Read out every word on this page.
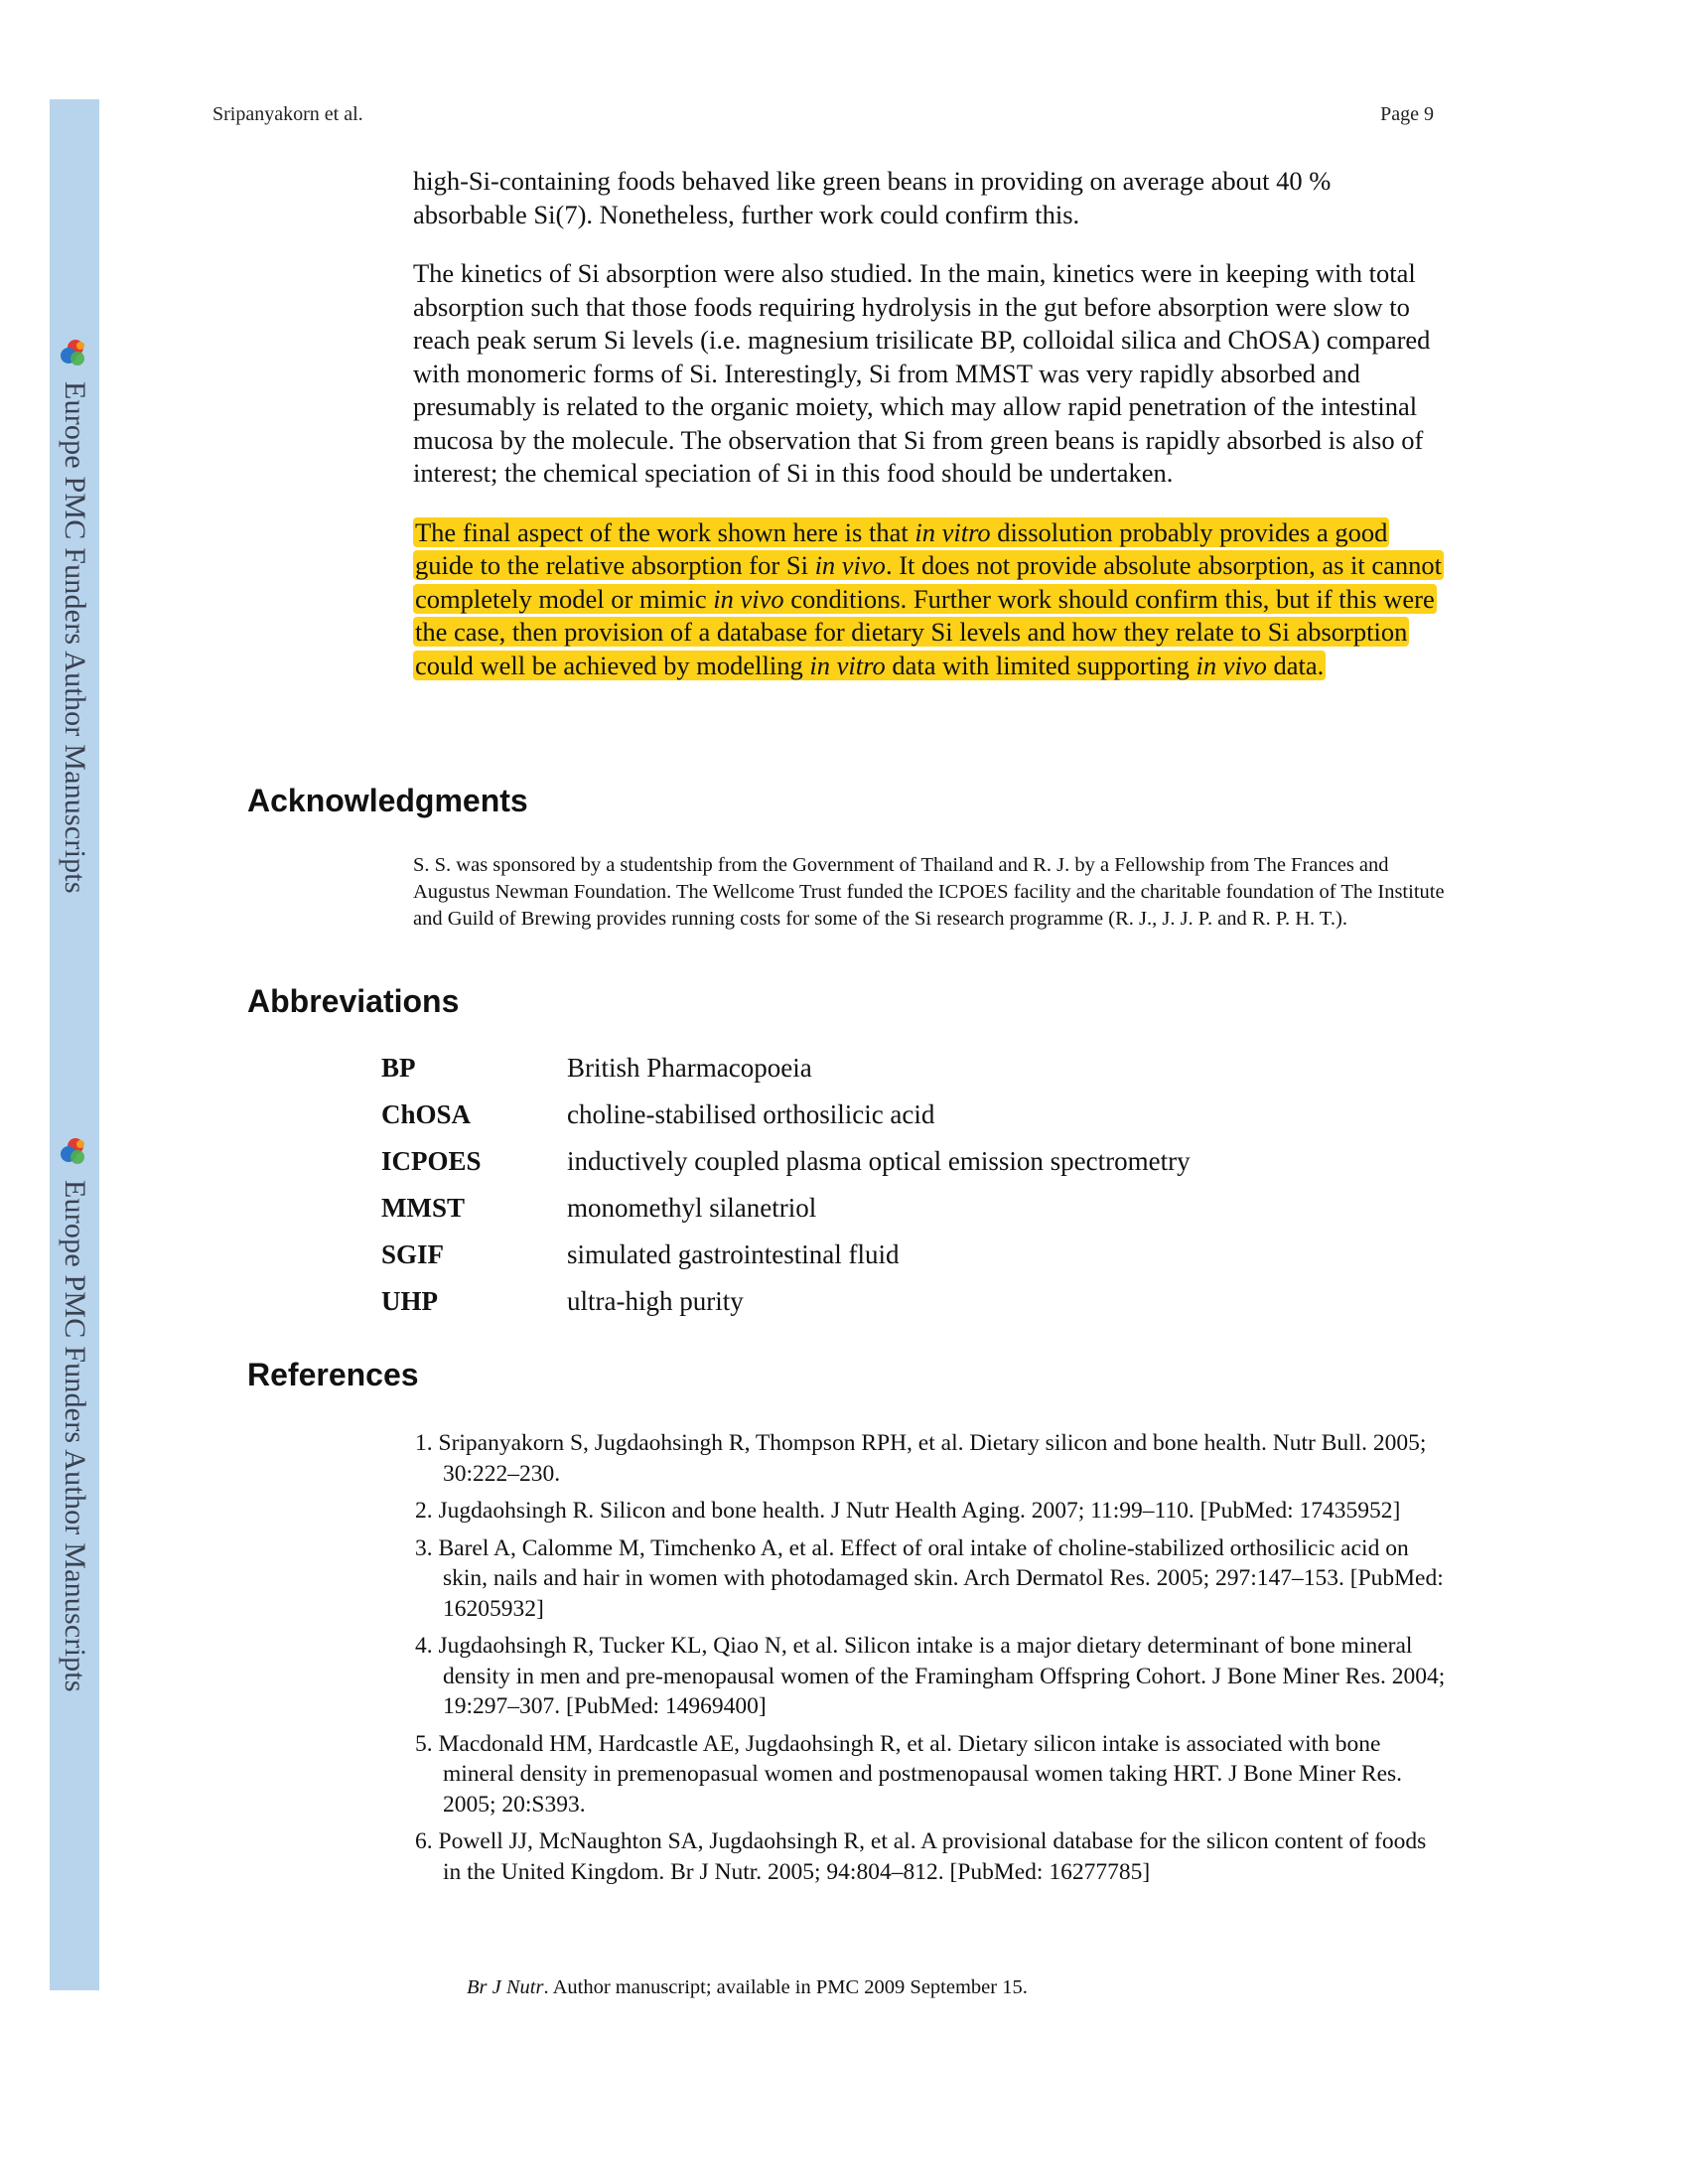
Europe PMC Funders Author Manuscripts
Europe PMC Funders Author Manuscripts
Sripanyakorn et al.	Page 9

high-Si-containing foods behaved like green beans in providing on average about 40 % absorbable Si(7). Nonetheless, further work could confirm this.

The kinetics of Si absorption were also studied. In the main, kinetics were in keeping with total absorption such that those foods requiring hydrolysis in the gut before absorption were slow to reach peak serum Si levels (i.e. magnesium trisilicate BP, colloidal silica and ChOSA) compared with monomeric forms of Si. Interestingly, Si from MMST was very rapidly absorbed and presumably is related to the organic moiety, which may allow rapid penetration of the intestinal mucosa by the molecule. The observation that Si from green beans is rapidly absorbed is also of interest; the chemical speciation of Si in this food should be undertaken.

The final aspect of the work shown here is that in vitro dissolution probably provides a good guide to the relative absorption for Si in vivo. It does not provide absolute absorption, as it cannot completely model or mimic in vivo conditions. Further work should confirm this, but if this were the case, then provision of a database for dietary Si levels and how they relate to Si absorption could well be achieved by modelling in vitro data with limited supporting in vivo data.

Acknowledgments

S. S. was sponsored by a studentship from the Government of Thailand and R. J. by a Fellowship from The Frances and Augustus Newman Foundation. The Wellcome Trust funded the ICPOES facility and the charitable foundation of The Institute and Guild of Brewing provides running costs for some of the Si research programme (R. J., J. J. P. and R. P. H. T.).

Abbreviations
BP	British Pharmacopoeia
ChOSA	choline-stabilised orthosilicic acid
ICPOES	inductively coupled plasma optical emission spectrometry
MMST	monomethyl silanetriol
SGIF	simulated gastrointestinal fluid
UHP	ultra-high purity
References

1. Sripanyakorn S, Jugdaohsingh R, Thompson RPH, et al. Dietary silicon and bone health. Nutr Bull. 2005; 30:222–230.

2. Jugdaohsingh R. Silicon and bone health. J Nutr Health Aging. 2007; 11:99–110. [PubMed: 17435952]

3. Barel A, Calomme M, Timchenko A, et al. Effect of oral intake of choline-stabilized orthosilicic acid on skin, nails and hair in women with photodamaged skin. Arch Dermatol Res. 2005; 297:147–153. [PubMed: 16205932]

4. Jugdaohsingh R, Tucker KL, Qiao N, et al. Silicon intake is a major dietary determinant of bone mineral density in men and pre-menopausal women of the Framingham Offspring Cohort. J Bone Miner Res. 2004; 19:297–307. [PubMed: 14969400]

5. Macdonald HM, Hardcastle AE, Jugdaohsingh R, et al. Dietary silicon intake is associated with bone mineral density in premenopasual women and postmenopausal women taking HRT. J Bone Miner Res. 2005; 20:S393.

6. Powell JJ, McNaughton SA, Jugdaohsingh R, et al. A provisional database for the silicon content of foods in the United Kingdom. Br J Nutr. 2005; 94:804–812. [PubMed: 16277785]

Br J Nutr. Author manuscript; available in PMC 2009 September 15.
